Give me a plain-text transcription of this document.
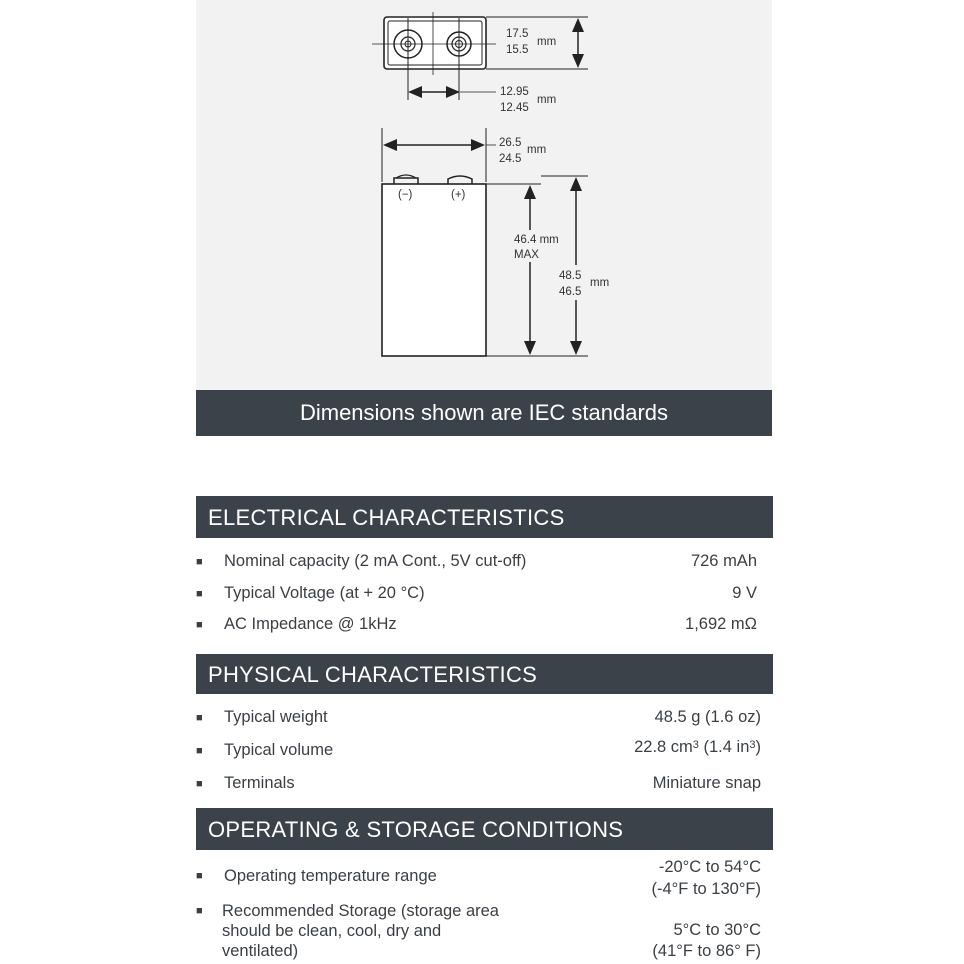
17.5
15.5
mm
12.95
12.45
mm
26.5
24.5
mm
(−)	(+)
46.4 mm
MAX
48.5
46.5
mm
Dimensions shown are IEC standards
ELECTRICAL CHARACTERISTICS
■ Nominal capacity (2 mA Cont., 5V cut-off)	726 mAh
■ Typical Voltage (at + 20 °C)	9 V
■ AC Impedance @ 1kHz	1,692 mΩ
PHYSICAL CHARACTERISTICS
■ Typical weight	48.5 g (1.6 oz)
■ Typical volume	22.8 $cm^3$ (1.4 $in^3$)
■ Terminals	Miniature snap
OPERATING & STORAGE CONDITIONS
■ Operating temperature range	-20°C to 54°C
(-4°F to 130°F)
■ Recommended Storage (storage area
should be clean, cool, dry and
ventilated)
5°C to 30°C
(41°F to 86° F)
